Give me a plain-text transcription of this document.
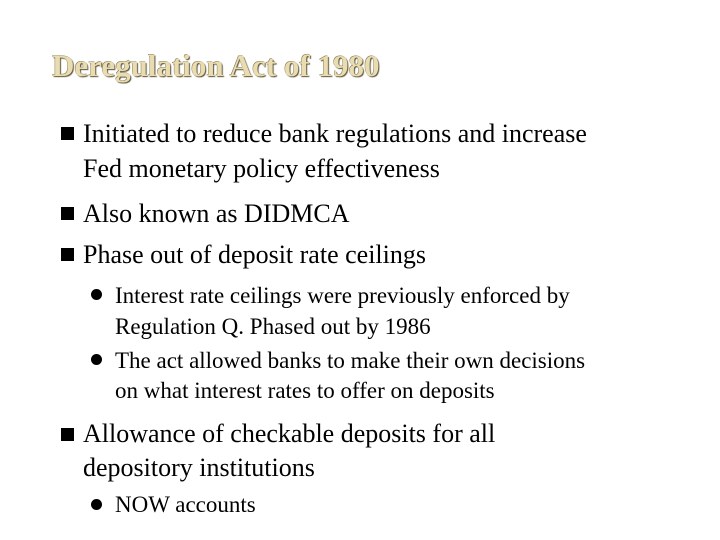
Deregulation Act of 1980
Initiated to reduce bank regulations and increase
Fed monetary policy effectiveness
Also known as DIDMCA
Phase out of deposit rate ceilings
Interest rate ceilings were previously enforced by
Regulation Q. Phased out by 1986
The act allowed banks to make their own decisions
on what interest rates to offer on deposits
Allowance of checkable deposits for all
depository institutions
NOW accounts
